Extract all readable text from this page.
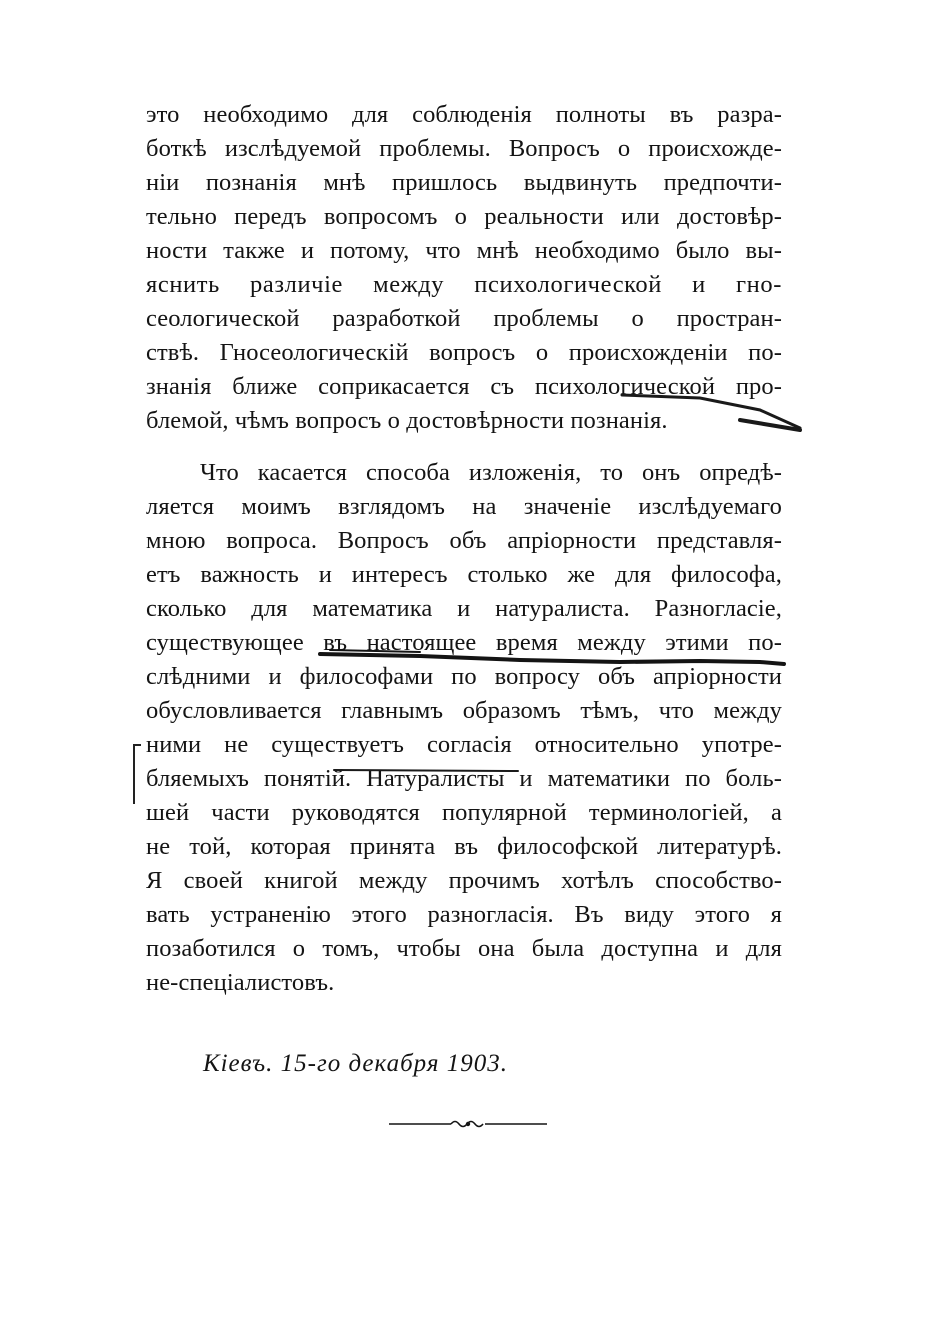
это необходимо для соблюденія полноты въ разра-
боткѣ изслѣдуемой проблемы. Вопросъ о происхожде-
ніи познанія мнѣ пришлось выдвинуть предпочти-
тельно передъ вопросомъ о реальности или достовѣр-
ности также и потому, что мнѣ необходимо было вы-
яснить различіе между психологической и гно-
сеологической разработкой проблемы о простран-
ствѣ. Гносеологическій вопросъ о происхожденіи по-
знанія ближе соприкасается съ психологической про-
блемой, чѣмъ вопросъ о достовѣрности познанія.
Что касается способа изложенія, то онъ опредѣ-
ляется моимъ взглядомъ на значеніе изслѣдуемаго
мною вопроса. Вопросъ объ апріорности представля-
етъ важность и интересъ столько же для философа,
сколько для математика и натуралиста. Разногласіе,
существующее въ настоящее время между этими по-
слѣдними и философами по вопросу объ апріорности
обусловливается главнымъ образомъ тѣмъ, что между
ними не существуетъ согласія относительно употре-
бляемыхъ понятій. Натуралисты и математики по боль-
шей части руководятся популярной терминологіей, а
не той, которая принята въ философской литературѣ.
Я своей книгой между прочимъ хотѣлъ способство-
вать устраненію этого разногласія. Въ виду этого я
позаботился о томъ, чтобы она была доступна и для
не-спеціалистовъ.
Кіевъ. 15-го декабря 1903.
